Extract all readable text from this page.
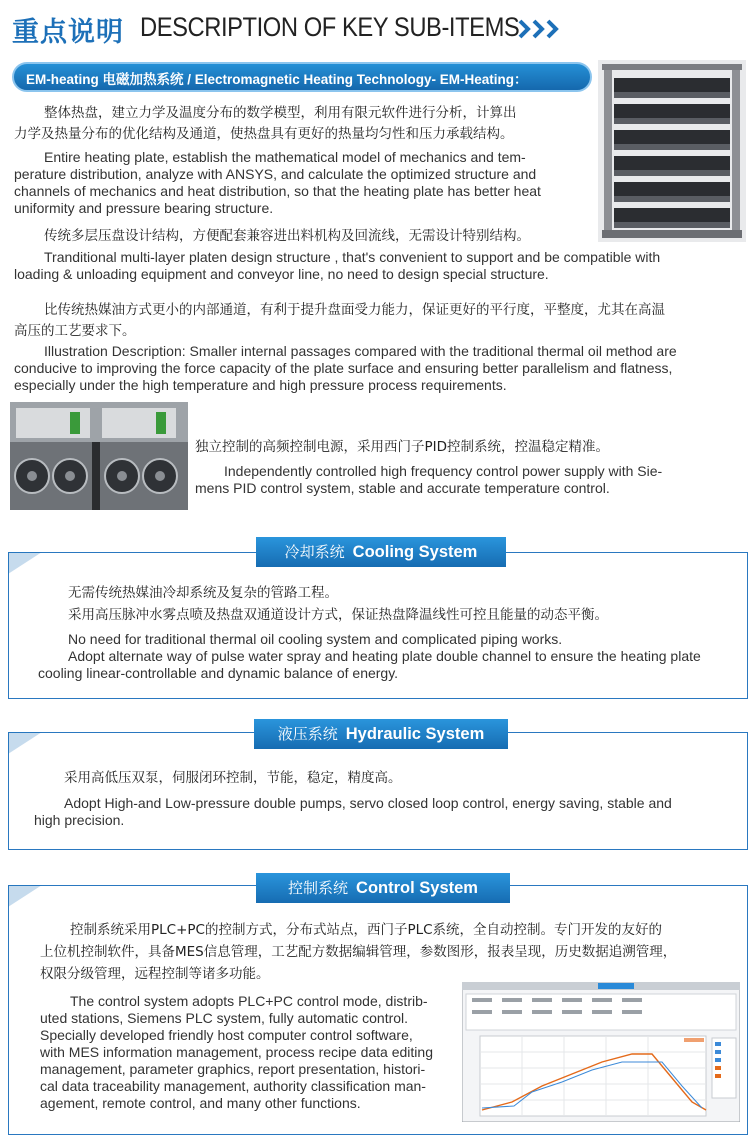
重点说明 DESCRIPTION OF KEY SUB-ITEMS
EM-heating 电磁加热系统 / Electromagnetic Heating Technology- EM-Heating：
整体热盘，建立力学及温度分布的数学模型，利用有限元软件进行分析，计算出
力学及热量分布的优化结构及通道，使热盘具有更好的热量均匀性和压力承载结构。
Entire heating plate, establish the mathematical model of mechanics and tem-
perature distribution, analyze with ANSYS, and calculate the optimized structure and
channels of mechanics and heat distribution, so that the heating plate has better heat
uniformity and pressure bearing structure.
传统多层压盘设计结构，方便配套兼容进出料机构及回流线，无需设计特别结构。
Tranditional multi-layer platen design structure , that's convenient to support and be compatible with
loading & unloading equipment and conveyor line, no need to design special structure.
比传统热媒油方式更小的内部通道，有利于提升盘面受力能力，保证更好的平行度，平整度，尤其在高温
高压的工艺要求下。
Illustration Description: Smaller internal passages compared with the traditional thermal oil method are
conducive to improving the force capacity of the plate surface and ensuring better parallelism and flatness,
especially under the high temperature and high pressure process requirements.
独立控制的高频控制电源，采用西门子PID控制系统，控温稳定精准。
Independently controlled high frequency control power supply with Sie-
mens PID control system, stable and accurate temperature control.
冷却系统 Cooling System
无需传统热媒油冷却系统及复杂的管路工程。
采用高压脉冲水雾点喷及热盘双通道设计方式，保证热盘降温线性可控且能量的动态平衡。
No need for traditional thermal oil cooling system and complicated piping works.
Adopt alternate way of pulse water spray and heating plate double channel to ensure the heating plate
cooling linear-controllable and dynamic balance of energy.
液压系统 Hydraulic System
采用高低压双泵，伺服闭环控制，节能，稳定，精度高。
Adopt High-and Low-pressure double pumps, servo closed loop control, energy saving, stable and
high precision.
控制系统 Control System
控制系统采用PLC+PC的控制方式，分布式站点，西门子PLC系统，全自动控制。专门开发的友好的
上位机控制软件，具备MES信息管理，工艺配方数据编辑管理，参数图形，报表呈现，历史数据追溯管理，
权限分级管理，远程控制等诸多功能。
The control system adopts PLC+PC control mode, distrib-
uted stations, Siemens PLC system, fully automatic control.
Specially developed friendly host computer control software,
with MES information management, process recipe data editing
management, parameter graphics, report presentation, histori-
cal data traceability management, authority classification man-
agement, remote control, and many other functions.
